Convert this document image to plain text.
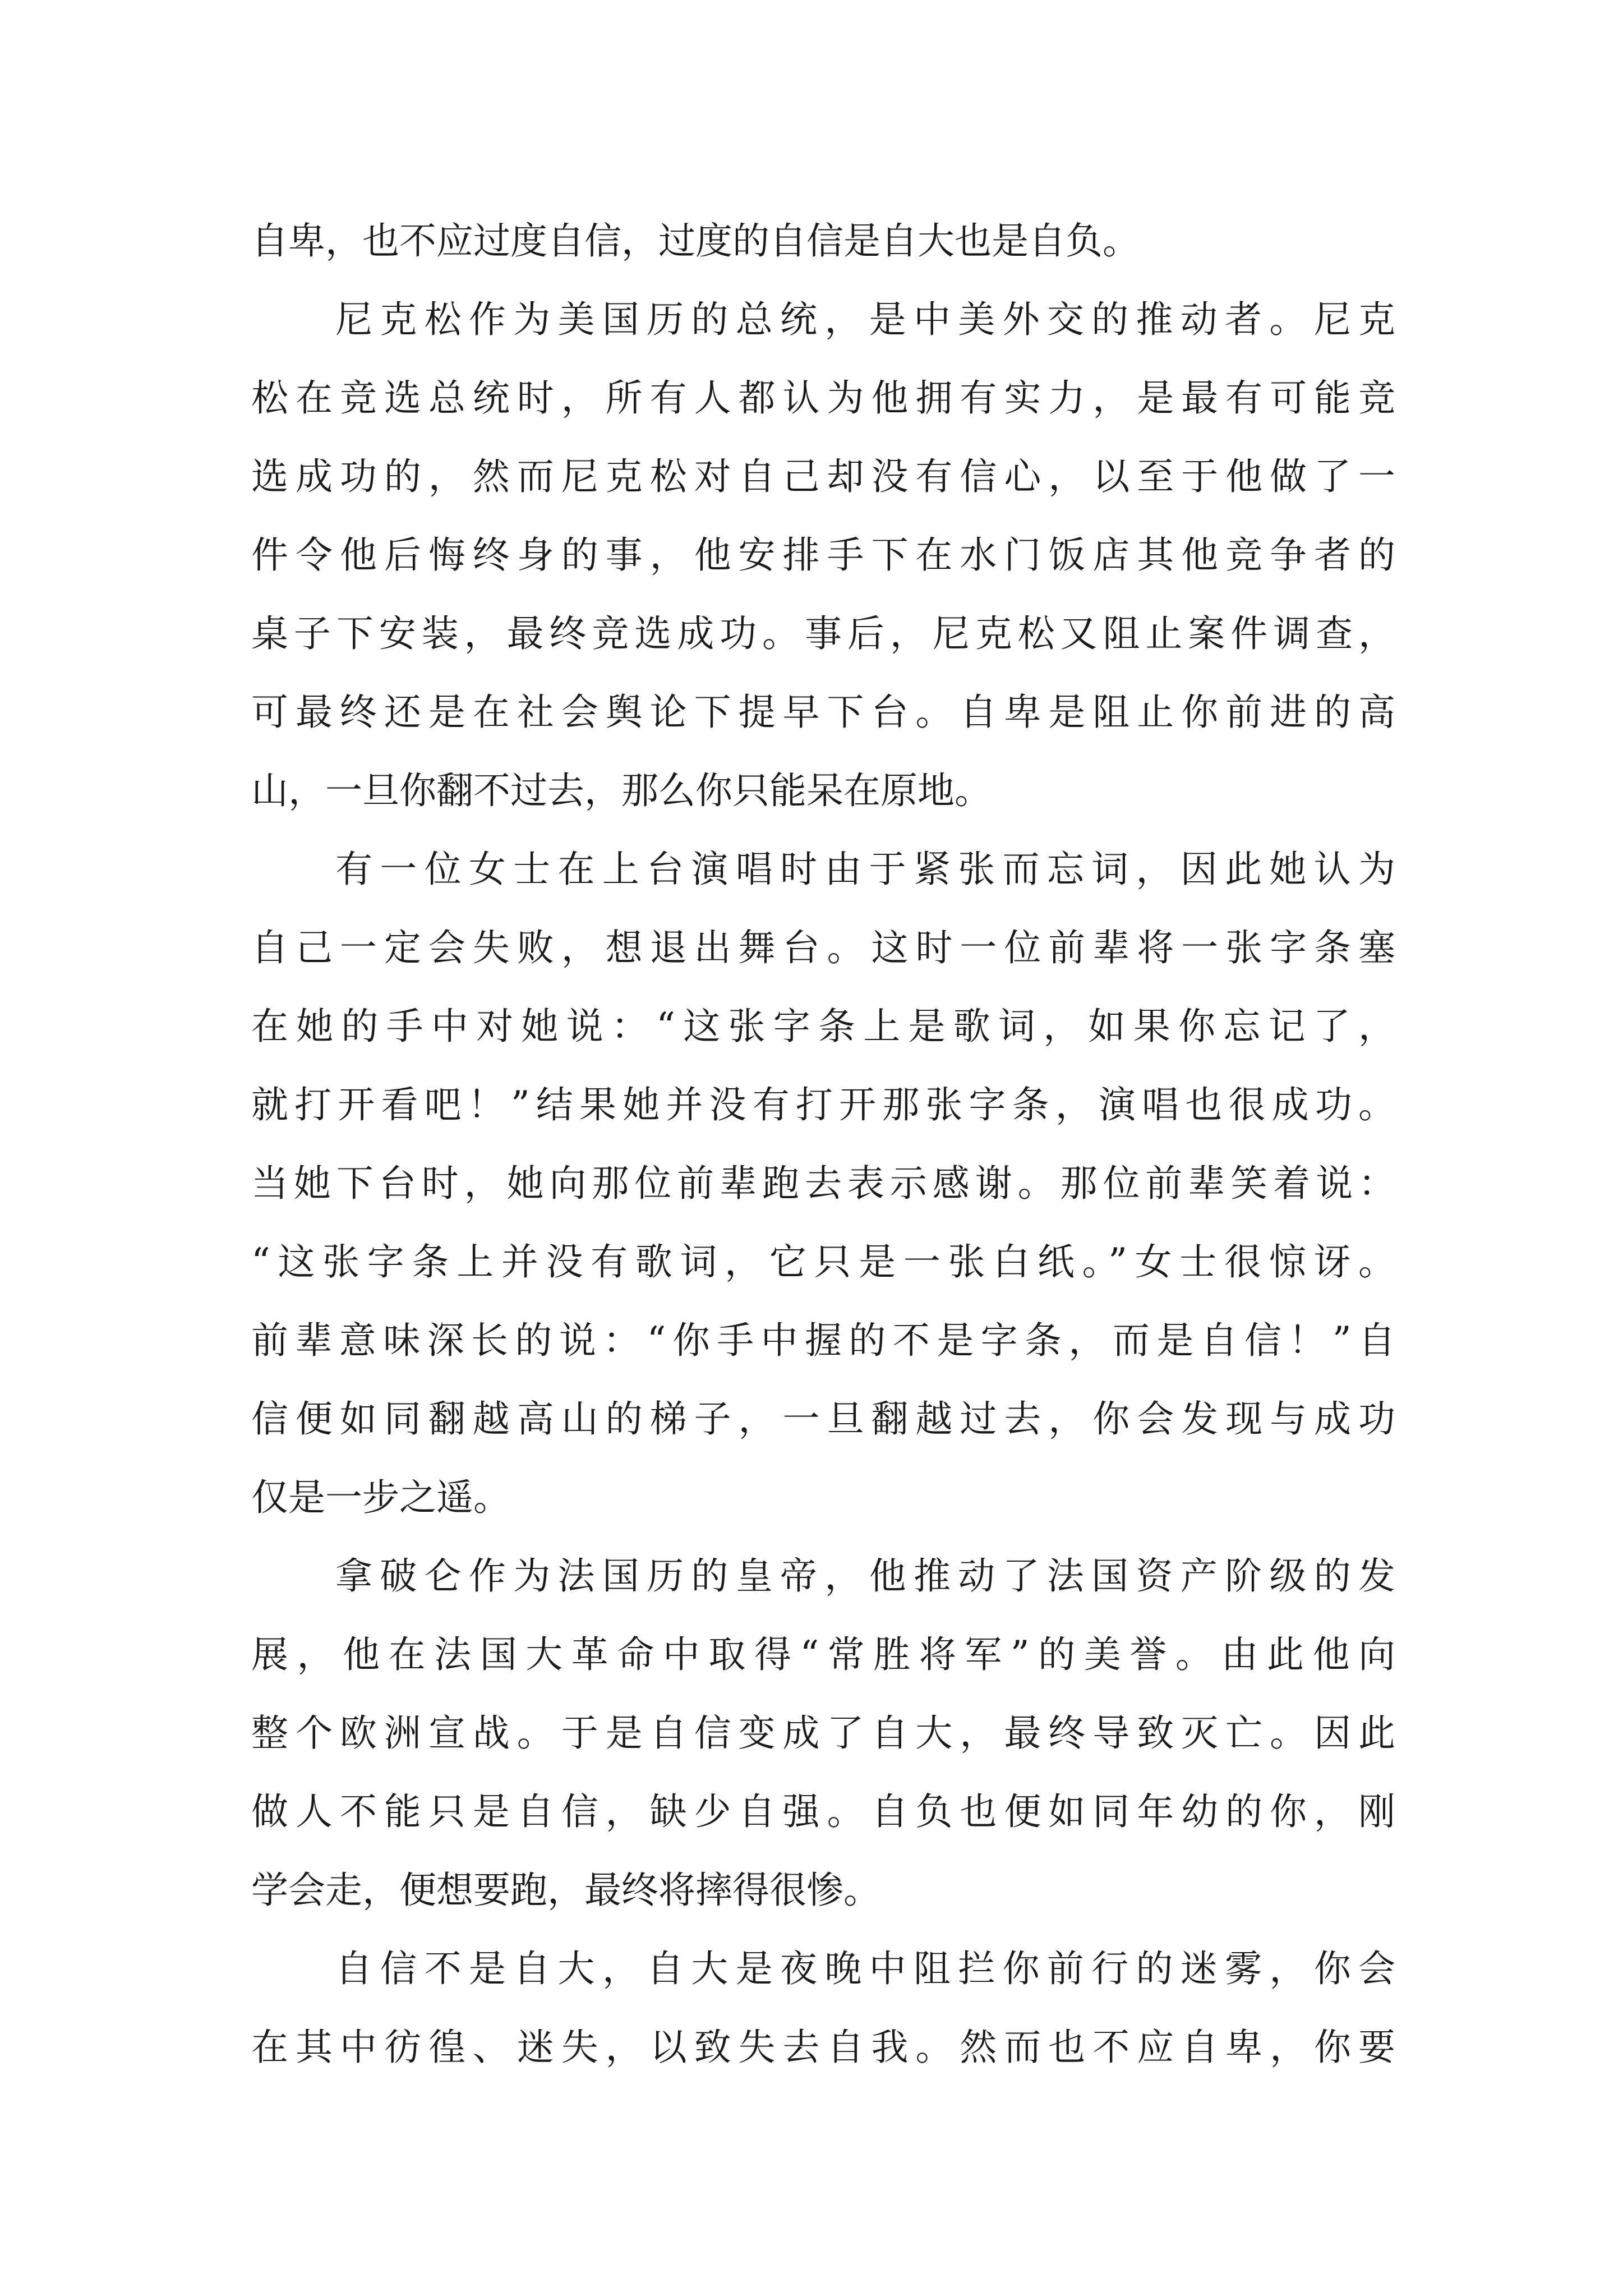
自卑，也不应过度自信，过度的自信是自大也是自负。
尼克松作为美国历的总统，是中美外交的推动者。尼克
松在竞选总统时，所有人都认为他拥有实力，是最有可能竞
选成功的，然而尼克松对自己却没有信心，以至于他做了一
件令他后悔终身的事，他安排手下在水门饭店其他竞争者的
桌子下安装，最终竞选成功。事后，尼克松又阻止案件调查，
可最终还是在社会舆论下提早下台。自卑是阻止你前进的高
山，一旦你翻不过去，那么你只能呆在原地。
有一位女士在上台演唱时由于紧张而忘词，因此她认为
自己一定会失败，想退出舞台。这时一位前辈将一张字条塞
在她的手中对她说：“这张字条上是歌词，如果你忘记了，
就打开看吧！”结果她并没有打开那张字条，演唱也很成功。
当她下台时，她向那位前辈跑去表示感谢。那位前辈笑着说：
“这张字条上并没有歌词，它只是一张白纸。”女士很惊讶。
前辈意味深长的说：“你手中握的不是字条，而是自信！”自
信便如同翻越高山的梯子，一旦翻越过去，你会发现与成功
仅是一步之遥。
拿破仑作为法国历的皇帝，他推动了法国资产阶级的发
展，他在法国大革命中取得“常胜将军”的美誉。由此他向
整个欧洲宣战。于是自信变成了自大，最终导致灭亡。因此
做人不能只是自信，缺少自强。自负也便如同年幼的你，刚
学会走，便想要跑，最终将摔得很惨。
自信不是自大，自大是夜晚中阻拦你前行的迷雾，你会
在其中彷徨、迷失，以致失去自我。然而也不应自卑，你要
